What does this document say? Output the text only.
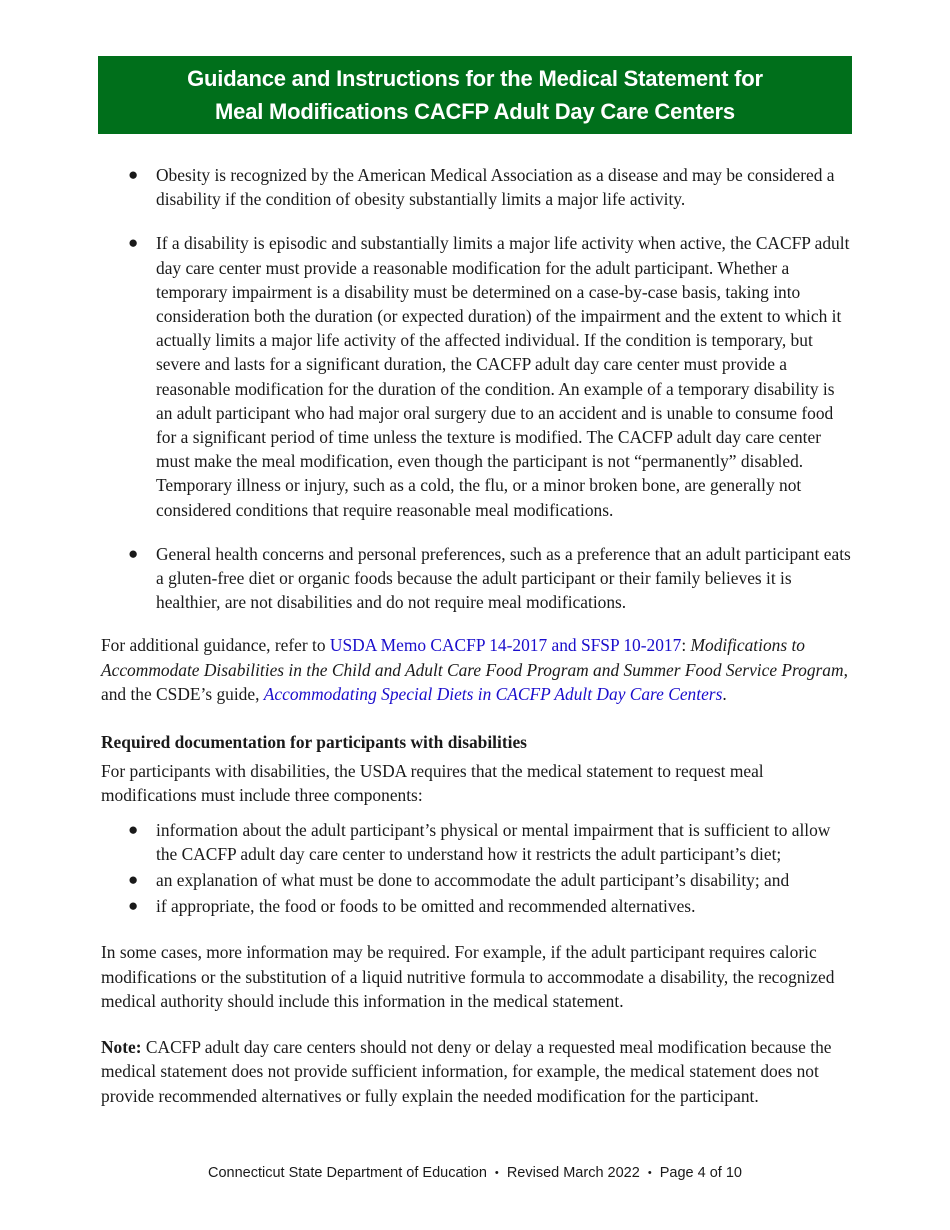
Guidance and Instructions for the Medical Statement for
Meal Modifications CACFP Adult Day Care Centers
● Obesity is recognized by the American Medical Association as a disease and may be considered a disability if the condition of obesity substantially limits a major life activity.
● If a disability is episodic and substantially limits a major life activity when active, the CACFP adult day care center must provide a reasonable modification for the adult participant. Whether a temporary impairment is a disability must be determined on a case-by-case basis, taking into consideration both the duration (or expected duration) of the impairment and the extent to which it actually limits a major life activity of the affected individual. If the condition is temporary, but severe and lasts for a significant duration, the CACFP adult day care center must provide a reasonable modification for the duration of the condition. An example of a temporary disability is an adult participant who had major oral surgery due to an accident and is unable to consume food for a significant period of time unless the texture is modified. The CACFP adult day care center must make the meal modification, even though the participant is not “permanently” disabled. Temporary illness or injury, such as a cold, the flu, or a minor broken bone, are generally not considered conditions that require reasonable meal modifications.
● General health concerns and personal preferences, such as a preference that an adult participant eats a gluten-free diet or organic foods because the adult participant or their family believes it is healthier, are not disabilities and do not require meal modifications.

For additional guidance, refer to USDA Memo CACFP 14-2017 and SFSP 10-2017: Modifications to Accommodate Disabilities in the Child and Adult Care Food Program and Summer Food Service Program, and the CSDE’s guide, Accommodating Special Diets in CACFP Adult Day Care Centers.

Required documentation for participants with disabilities

For participants with disabilities, the USDA requires that the medical statement to request meal modifications must include three components:

● information about the adult participant’s physical or mental impairment that is sufficient to allow the CACFP adult day care center to understand how it restricts the adult participant’s diet;
● an explanation of what must be done to accommodate the adult participant’s disability; and
● if appropriate, the food or foods to be omitted and recommended alternatives.

In some cases, more information may be required. For example, if the adult participant requires caloric modifications or the substitution of a liquid nutritive formula to accommodate a disability, the recognized medical authority should include this information in the medical statement.

Note: CACFP adult day care centers should not deny or delay a requested meal modification because the medical statement does not provide sufficient information, for example, the medical statement does not provide recommended alternatives or fully explain the needed modification for the participant.

Connecticut State Department of Education • Revised March 2022 • Page 4 of 10
